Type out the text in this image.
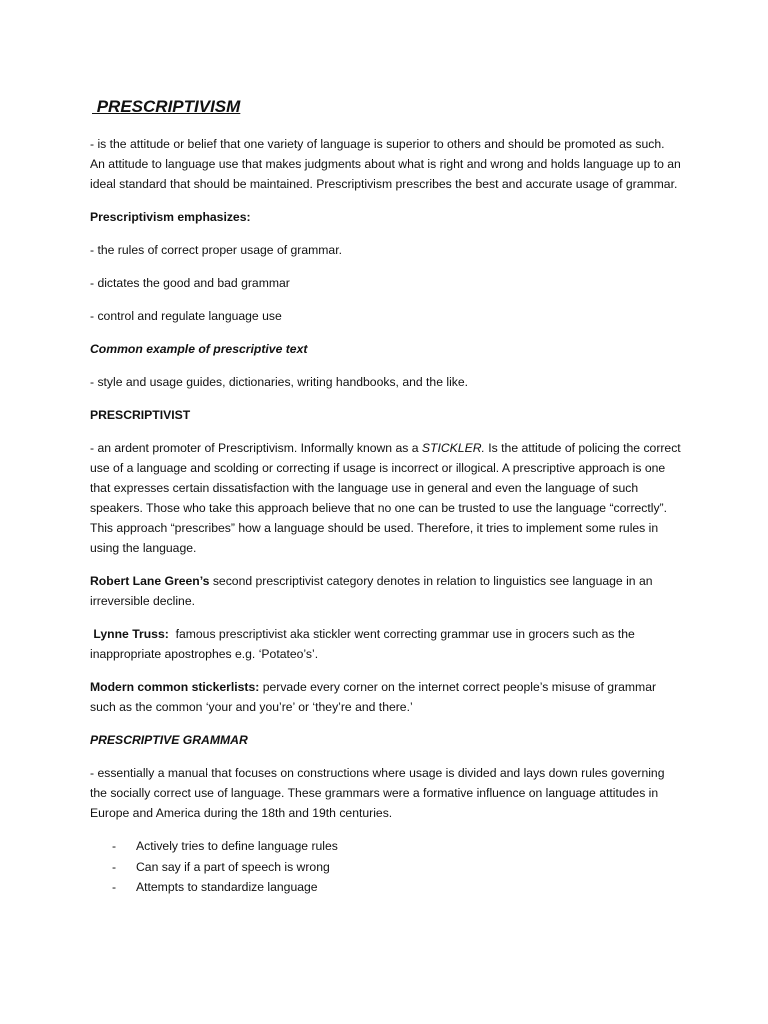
PRESCRIPTIVISM

- is the attitude or belief that one variety of language is superior to others and should be promoted as such. An attitude to language use that makes judgments about what is right and wrong and holds language up to an ideal standard that should be maintained. Prescriptivism prescribes the best and accurate usage of grammar.

Prescriptivism emphasizes:

- the rules of correct proper usage of grammar.

- dictates the good and bad grammar

- control and regulate language use

Common example of prescriptive text

- style and usage guides, dictionaries, writing handbooks, and the like.

PRESCRIPTIVIST

- an ardent promoter of Prescriptivism. Informally known as a STICKLER. Is the attitude of policing the correct use of a language and scolding or correcting if usage is incorrect or illogical. A prescriptive approach is one that expresses certain dissatisfaction with the language use in general and even the language of such speakers. Those who take this approach believe that no one can be trusted to use the language “correctly”. This approach “prescribes” how a language should be used. Therefore, it tries to implement some rules in using the language.

Robert Lane Green’s second prescriptivist category denotes in relation to linguistics see language in an irreversible decline.

Lynne Truss:  famous prescriptivist aka stickler went correcting grammar use in grocers such as the inappropriate apostrophes e.g. ‘Potateo’s’.

Modern common stickerlists: pervade every corner on the internet correct people’s misuse of grammar such as the common ‘your and you’re’ or ‘they’re and there.’

PRESCRIPTIVE GRAMMAR

- essentially a manual that focuses on constructions where usage is divided and lays down rules governing the socially correct use of language. These grammars were a formative influence on language attitudes in Europe and America during the 18th and 19th centuries.

- Actively tries to define language rules
- Can say if a part of speech is wrong
- Attempts to standardize language
